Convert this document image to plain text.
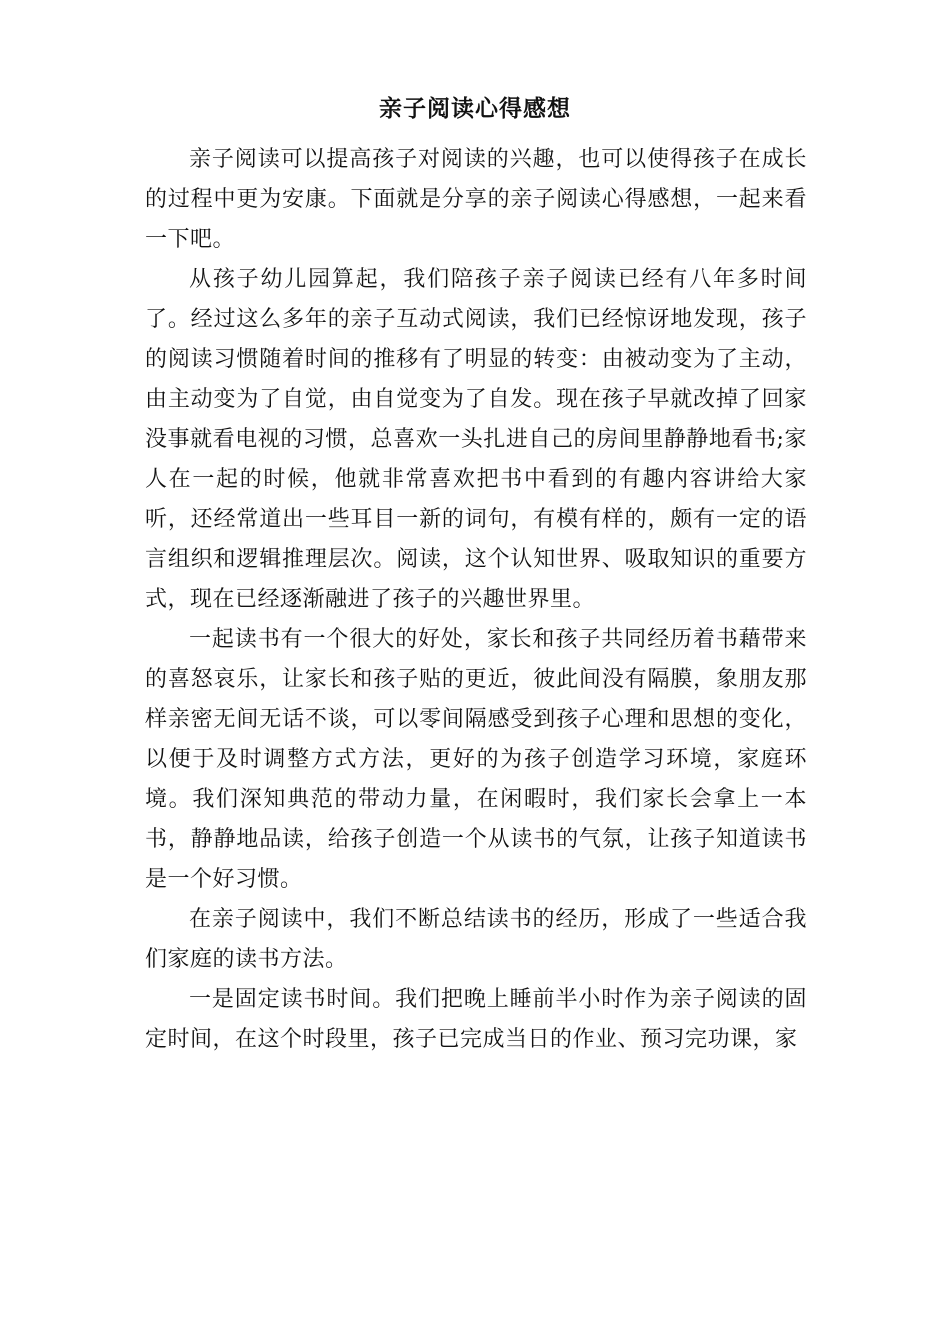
亲子阅读心得感想

亲子阅读可以提高孩子对阅读的兴趣，也可以使得孩子在成长的过程中更为安康。下面就是分享的亲子阅读心得感想，一起来看一下吧。

从孩子幼儿园算起，我们陪孩子亲子阅读已经有八年多时间了。经过这么多年的亲子互动式阅读，我们已经惊讶地发现，孩子的阅读习惯随着时间的推移有了明显的转变：由被动变为了主动，由主动变为了自觉，由自觉变为了自发。现在孩子早就改掉了回家没事就看电视的习惯，总喜欢一头扎进自己的房间里静静地看书;家人在一起的时候，他就非常喜欢把书中看到的有趣内容讲给大家听，还经常道出一些耳目一新的词句，有模有样的，颇有一定的语言组织和逻辑推理层次。阅读，这个认知世界、吸取知识的重要方式，现在已经逐渐融进了孩子的兴趣世界里。

一起读书有一个很大的好处，家长和孩子共同经历着书藉带来的喜怒哀乐，让家长和孩子贴的更近，彼此间没有隔膜，象朋友那样亲密无间无话不谈，可以零间隔感受到孩子心理和思想的变化，以便于及时调整方式方法，更好的为孩子创造学习环境，家庭环境。我们深知典范的带动力量，在闲暇时，我们家长会拿上一本书，静静地品读，给孩子创造一个从读书的气氛，让孩子知道读书是一个好习惯。

在亲子阅读中，我们不断总结读书的经历，形成了一些适合我们家庭的读书方法。

一是固定读书时间。我们把晚上睡前半小时作为亲子阅读的固定时间，在这个时段里，孩子已完成当日的作业、预习完功课，家
